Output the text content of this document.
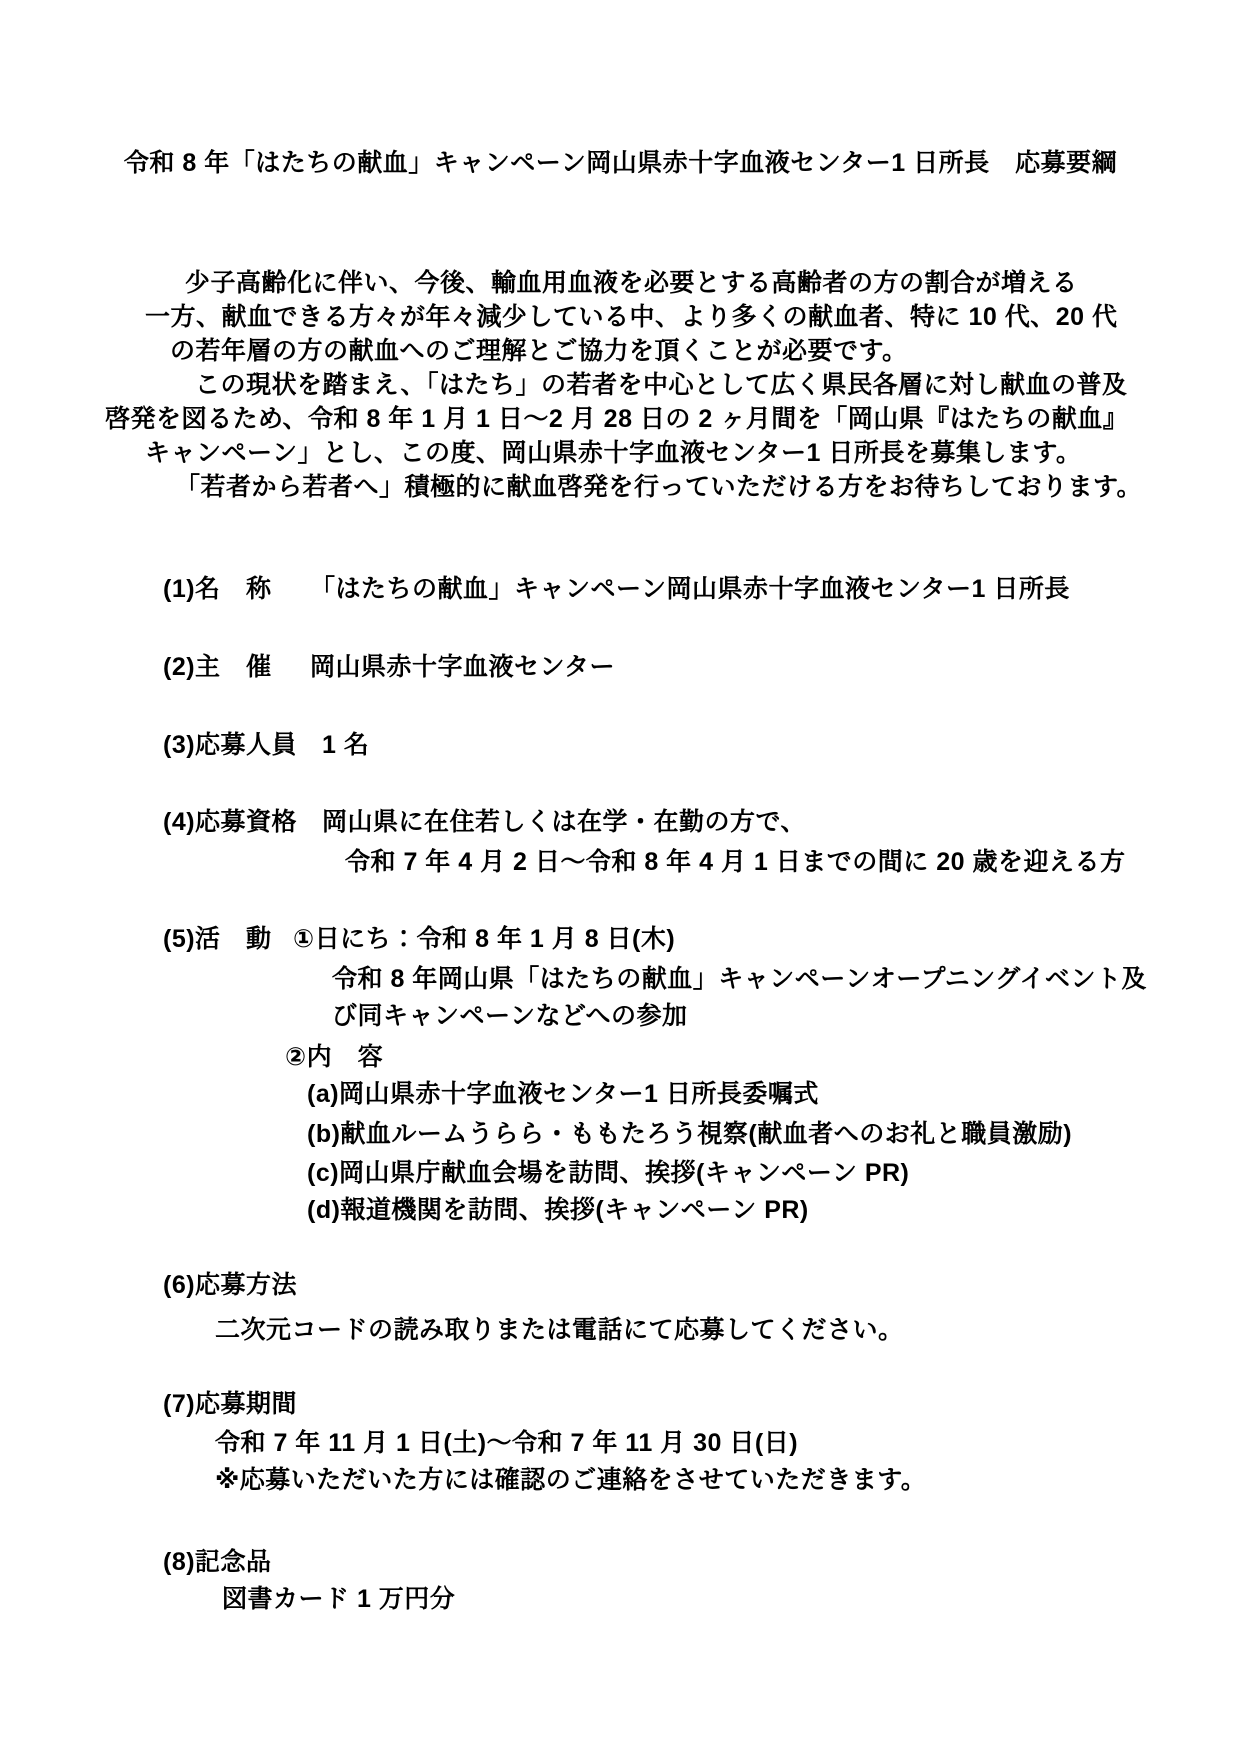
令和 8 年「はたちの献血」キャンペーン岡山県赤十字血液センター1 日所長　応募要綱
少子高齢化に伴い、今後、輸血用血液を必要とする高齢者の方の割合が増える
一方、献血できる方々が年々減少している中、より多くの献血者、特に 10 代、20 代
の若年層の方の献血へのご理解とご協力を頂くことが必要です。
この現状を踏まえ、「はたち」の若者を中心として広く県民各層に対し献血の普及
啓発を図るため、令和 8 年 1 月 1 日～2 月 28 日の 2 ヶ月間を「岡山県『はたちの献血』
キャンペーン」とし、この度、岡山県赤十字血液センター1 日所長を募集します。
「若者から若者へ」積極的に献血啓発を行っていただける方をお待ちしております。
(1)名　称 「はたちの献血」キャンペーン岡山県赤十字血液センター1 日所長
(2)主　催 岡山県赤十字血液センター
(3)応募人員 1 名
(4)応募資格 岡山県に在住若しくは在学・在勤の方で、
令和 7 年 4 月 2 日～令和 8 年 4 月 1 日までの間に 20 歳を迎える方
(5)活　動 ①日にち：令和 8 年 1 月 8 日(木)
令和 8 年岡山県「はたちの献血」キャンペーンオープニングイベント及
び同キャンペーンなどへの参加
②内　容
(a)岡山県赤十字血液センター1 日所長委嘱式
(b)献血ルームうらら・ももたろう視察(献血者へのお礼と職員激励)
(c)岡山県庁献血会場を訪問、挨拶(キャンペーン PR)
(d)報道機関を訪問、挨拶(キャンペーン PR)
(6)応募方法
二次元コードの読み取りまたは電話にて応募してください。
(7)応募期間
令和 7 年 11 月 1 日(土)～令和 7 年 11 月 30 日(日)
※応募いただいた方には確認のご連絡をさせていただきます。
(8)記念品
図書カード 1 万円分
